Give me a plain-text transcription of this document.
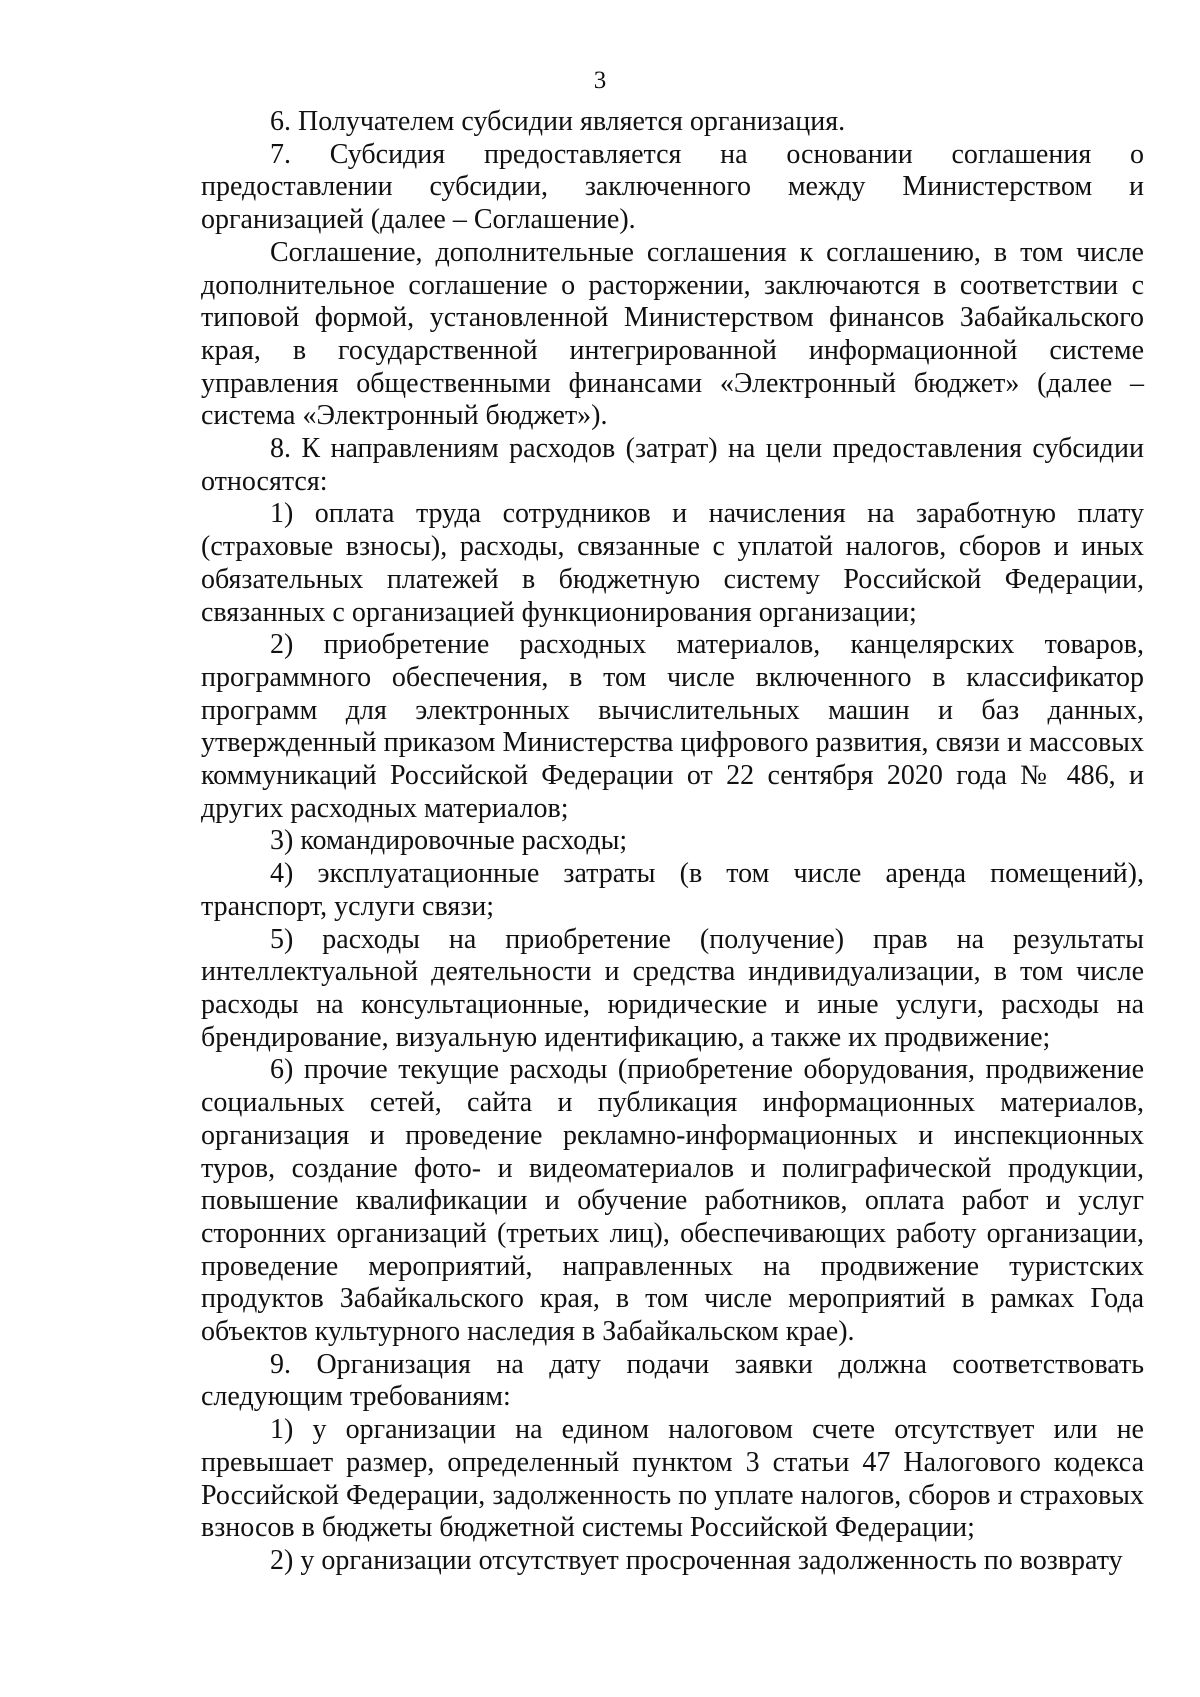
3

6. Получателем субсидии является организация.

7. Субсидия предоставляется на основании соглашения о предоставлении субсидии, заключенного между Министерством и организацией (далее – Соглашение).

Соглашение, дополнительные соглашения к соглашению, в том числе дополнительное соглашение о расторжении, заключаются в соответствии с типовой формой, установленной Министерством финансов Забайкальского края, в государственной интегрированной информационной системе управления общественными финансами «Электронный бюджет» (далее – система «Электронный бюджет»).

8. К направлениям расходов (затрат) на цели предоставления субсидии относятся:

1) оплата труда сотрудников и начисления на заработную плату (страховые взносы), расходы, связанные с уплатой налогов, сборов и иных обязательных платежей в бюджетную систему Российской Федерации, связанных с организацией функционирования организации;

2) приобретение расходных материалов, канцелярских товаров, программного обеспечения, в том числе включенного в классификатор программ для электронных вычислительных машин и баз данных, утвержденный приказом Министерства цифрового развития, связи и массовых коммуникаций Российской Федерации от 22 сентября 2020 года № 486, и других расходных материалов;

3) командировочные расходы;

4) эксплуатационные затраты (в том числе аренда помещений), транспорт, услуги связи;

5) расходы на приобретение (получение) прав на результаты интеллектуальной деятельности и средства индивидуализации, в том числе расходы на консультационные, юридические и иные услуги, расходы на брендирование, визуальную идентификацию, а также их продвижение;

6) прочие текущие расходы (приобретение оборудования, продвижение социальных сетей, сайта и публикация информационных материалов, организация и проведение рекламно-информационных и инспекционных туров, создание фото- и видеоматериалов и полиграфической продукции, повышение квалификации и обучение работников, оплата работ и услуг сторонних организаций (третьих лиц), обеспечивающих работу организации, проведение мероприятий, направленных на продвижение туристских продуктов Забайкальского края, в том числе мероприятий в рамках Года объектов культурного наследия в Забайкальском крае).

9. Организация на дату подачи заявки должна соответствовать следующим требованиям:

1) у организации на едином налоговом счете отсутствует или не превышает размер, определенный пунктом 3 статьи 47 Налогового кодекса Российской Федерации, задолженность по уплате налогов, сборов и страховых взносов в бюджеты бюджетной системы Российской Федерации;

2) у организации отсутствует просроченная задолженность по возврату
